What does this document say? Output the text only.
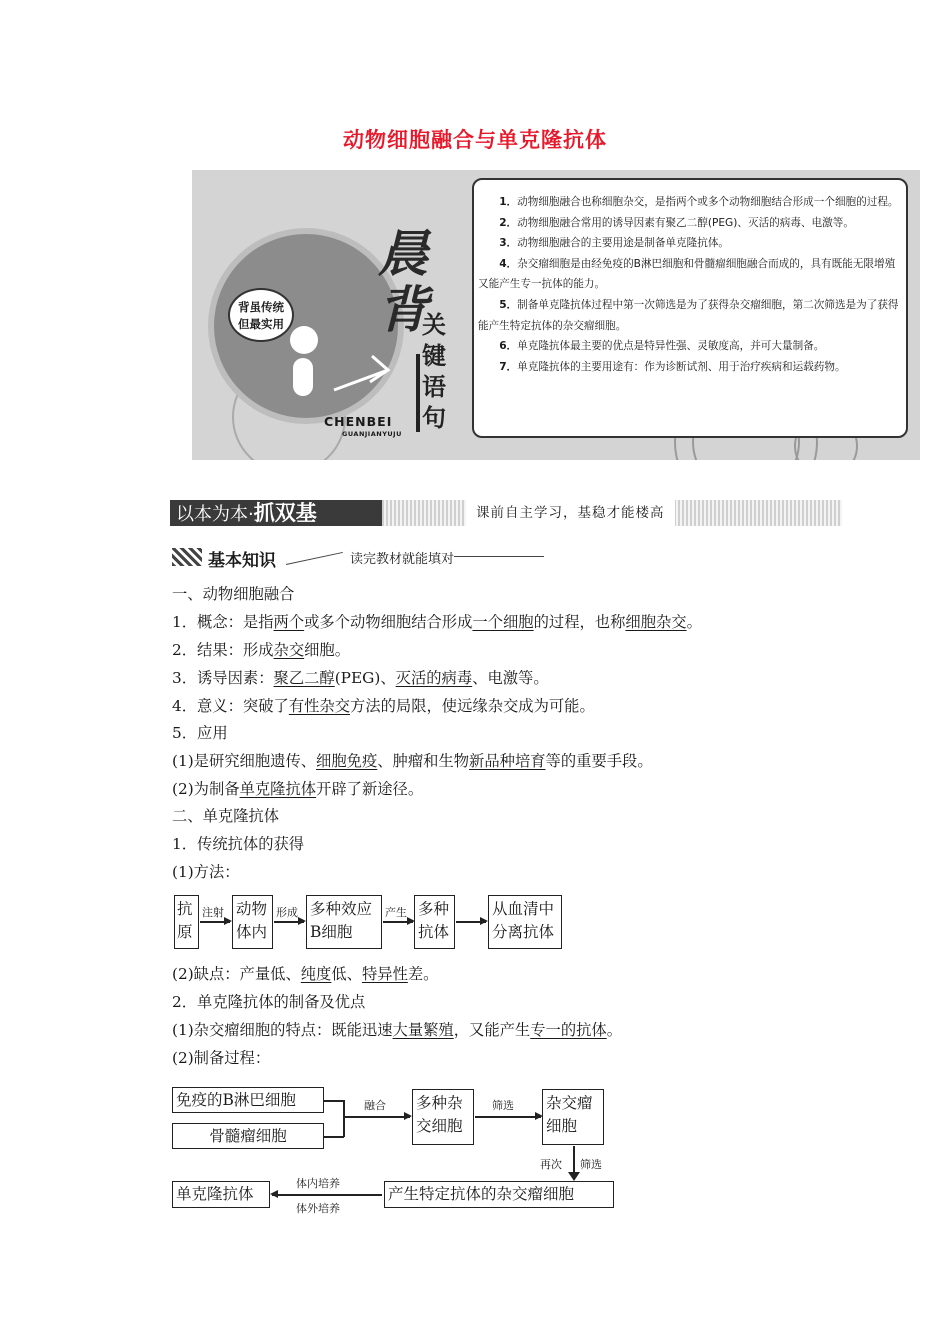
动物细胞融合与单克隆抗体
背虽传统
但最实用
晨
背
关键语句
CHENBEI
GUANJIANYUJU

1．动物细胞融合也称细胞杂交，是指两个或多个动物细胞结合形成一个细胞的过程。

2．动物细胞融合常用的诱导因素有聚乙二醇(PEG)、灭活的病毒、电激等。

3．动物细胞融合的主要用途是制备单克隆抗体。

4．杂交瘤细胞是由经免疫的B淋巴细胞和骨髓瘤细胞融合而成的，具有既能无限增殖又能产生专一抗体的能力。

5．制备单克隆抗体过程中第一次筛选是为了获得杂交瘤细胞，第二次筛选是为了获得能产生特定抗体的杂交瘤细胞。

6．单克隆抗体最主要的优点是特异性强、灵敏度高，并可大量制备。

7．单克隆抗体的主要用途有：作为诊断试剂、用于治疗疾病和运载药物。

以本为本·抓双基	课前自主学习，基稳才能楼高
基本知识	读完教材就能填对
一、动物细胞融合
1．概念：是指两个或多个动物细胞结合形成一个细胞的过程，也称细胞杂交。
2．结果：形成杂交细胞。
3．诱导因素：聚乙二醇(PEG)、灭活的病毒、电激等。
4．意义：突破了有性杂交方法的局限，使远缘杂交成为可能。
5．应用
(1)是研究细胞遗传、细胞免疫、肿瘤和生物新品种培育等的重要手段。
(2)为制备单克隆抗体开辟了新途径。
二、单克隆抗体
1．传统抗体的获得
(1)方法：
抗
原
注射 动物
体内
形成 多种效应
B细胞
产生 多种
抗体
从血清中
分离抗体
(2)缺点：产量低、纯度低、特异性差。
2．单克隆抗体的制备及优点
(1)杂交瘤细胞的特点：既能迅速大量繁殖，又能产生专一的抗体。
(2)制备过程：
免疫的B淋巴细胞
骨髓瘤细胞
融合 多种杂
交细胞
筛选 杂交瘤
细胞
再次 筛选
产生特定抗体的杂交瘤细胞
体内培养
体外培养
单克隆抗体
